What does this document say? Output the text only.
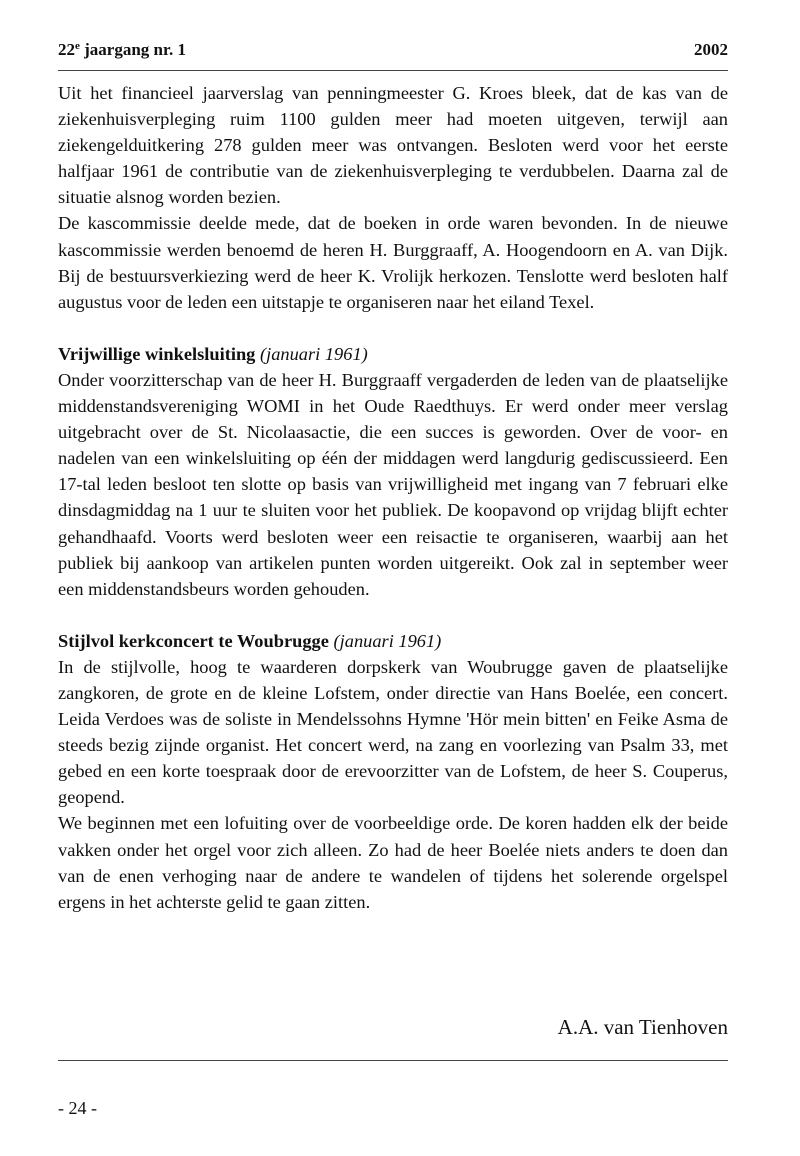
22e jaargang nr. 1	2002

Uit het financieel jaarverslag van penningmeester G. Kroes bleek, dat de kas van de ziekenhuisverpleging ruim 1100 gulden meer had moeten uitgeven, terwijl aan ziekengelduitkering 278 gulden meer was ontvangen. Besloten werd voor het eerste halfjaar 1961 de contributie van de ziekenhuisverpleging te verdubbelen. Daarna zal de situatie alsnog worden bezien.

De kascommissie deelde mede, dat de boeken in orde waren bevonden. In de nieuwe kascommissie werden benoemd de heren H. Burggraaff, A. Hoogendoorn en A. van Dijk. Bij de bestuursverkiezing werd de heer K. Vrolijk herkozen. Tenslotte werd besloten half augustus voor de leden een uitstapje te organiseren naar het eiland Texel.

Vrijwillige winkelsluiting (januari 1961)
Onder voorzitterschap van de heer H. Burggraaff vergaderden de leden van de plaatselijke middenstandsvereniging WOMI in het Oude Raedthuys. Er werd onder meer verslag uitgebracht over de St. Nicolaasactie, die een succes is geworden. Over de voor- en nadelen van een winkelsluiting op één der middagen werd langdurig gediscussieerd. Een 17-tal leden besloot ten slotte op basis van vrijwilligheid met ingang van 7 februari elke dinsdagmiddag na 1 uur te sluiten voor het publiek. De koopavond op vrijdag blijft echter gehandhaafd. Voorts werd besloten weer een reisactie te organiseren, waarbij aan het publiek bij aankoop van artikelen punten worden uitgereikt. Ook zal in september weer een middenstandsbeurs worden gehouden.

Stijlvol kerkconcert te Woubrugge (januari 1961)
In de stijlvolle, hoog te waarderen dorpskerk van Woubrugge gaven de plaatselijke zangkoren, de grote en de kleine Lofstem, onder directie van Hans Boelée, een concert. Leida Verdoes was de soliste in Mendelssohns Hymne 'Hör mein bitten' en Feike Asma de steeds bezig zijnde organist. Het concert werd, na zang en voorlezing van Psalm 33, met gebed en een korte toespraak door de erevoorzitter van de Lofstem, de heer S. Couperus, geopend.

We beginnen met een lofuiting over de voorbeeldige orde. De koren hadden elk der beide vakken onder het orgel voor zich alleen. Zo had de heer Boelée niets anders te doen dan van de enen verhoging naar de andere te wandelen of tijdens het solerende orgelspel ergens in het achterste gelid te gaan zitten.

A.A. van Tienhoven
- 24 -
